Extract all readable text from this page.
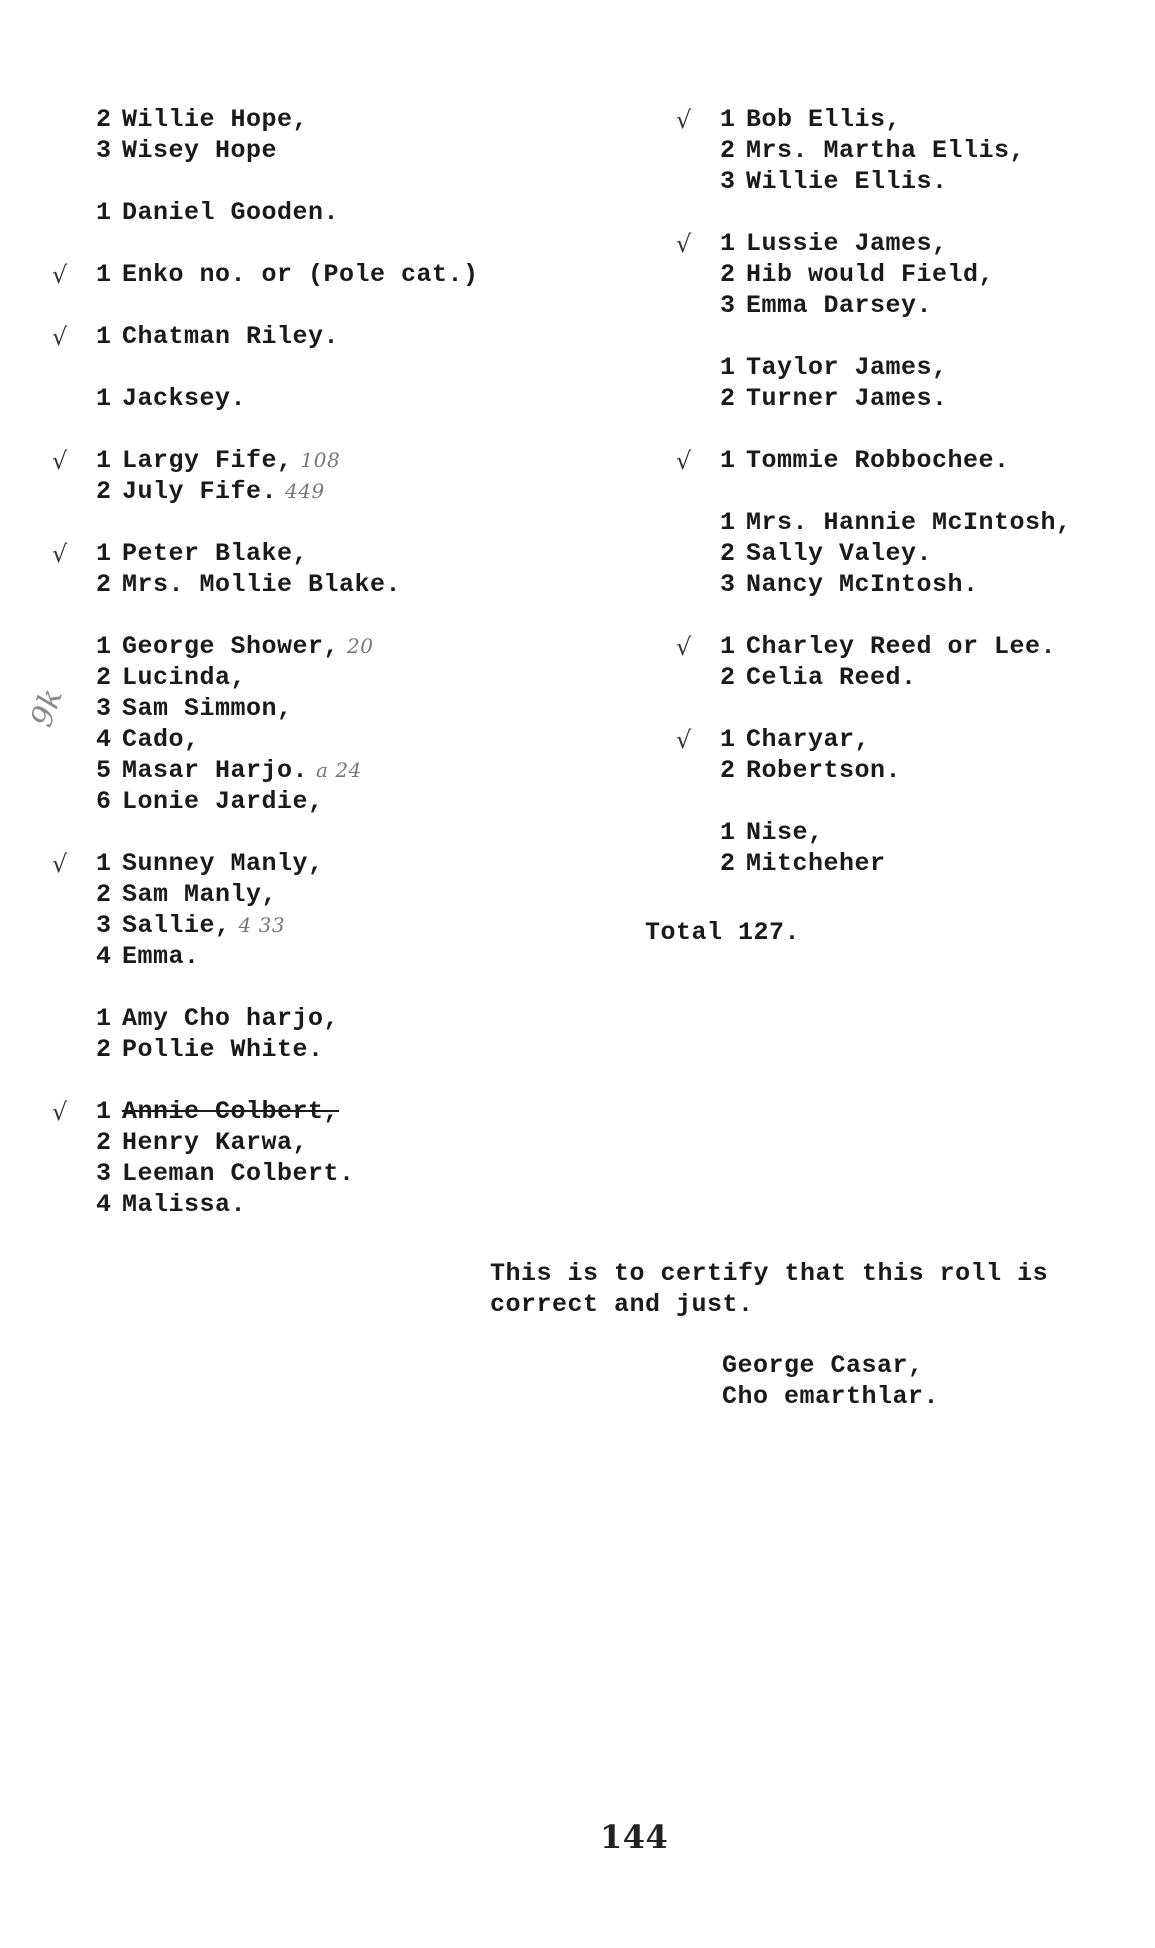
2 Willie Hope,
3 Wisey Hope
1 Daniel Gooden.
√	1 Enko no. or (Pole cat.)
√	1 Chatman Riley.
1 Jacksey.
√	1 Largy Fife, 108
2 July Fife. 449
√	1 Peter Blake,
2 Mrs. Mollie Blake.
1 George Shower, 20
2 Lucinda,
3 Sam Simmon,
4 Cado,
5 Masar Harjo. a 24
6 Lonie Jardie,
√	1 Sunney Manly,
2 Sam Manly,
3 Sallie, 4 33
4 Emma.
1 Amy Cho harjo,
2 Pollie White.
√	1 Annie Colbert,
2 Henry Karwa,
3 Leeman Colbert.
4 Malissa.
√	1 Bob Ellis,
2 Mrs. Martha Ellis,
3 Willie Ellis.
√	1 Lussie James,
2 Hib would Field,
3 Emma Darsey.
1 Taylor James,
2 Turner James.
√	1 Tommie Robbochee.
1 Mrs. Hannie McIntosh,
2 Sally Valey.
3 Nancy McIntosh.
√	1 Charley Reed or Lee.
2 Celia Reed.
√	1 Charyar,
2 Robertson.
1 Nise,
2 Mitcheher
Total 127.
This is to certify that this roll is
correct and just.
George Casar,
Cho emarthlar.
9k
144
